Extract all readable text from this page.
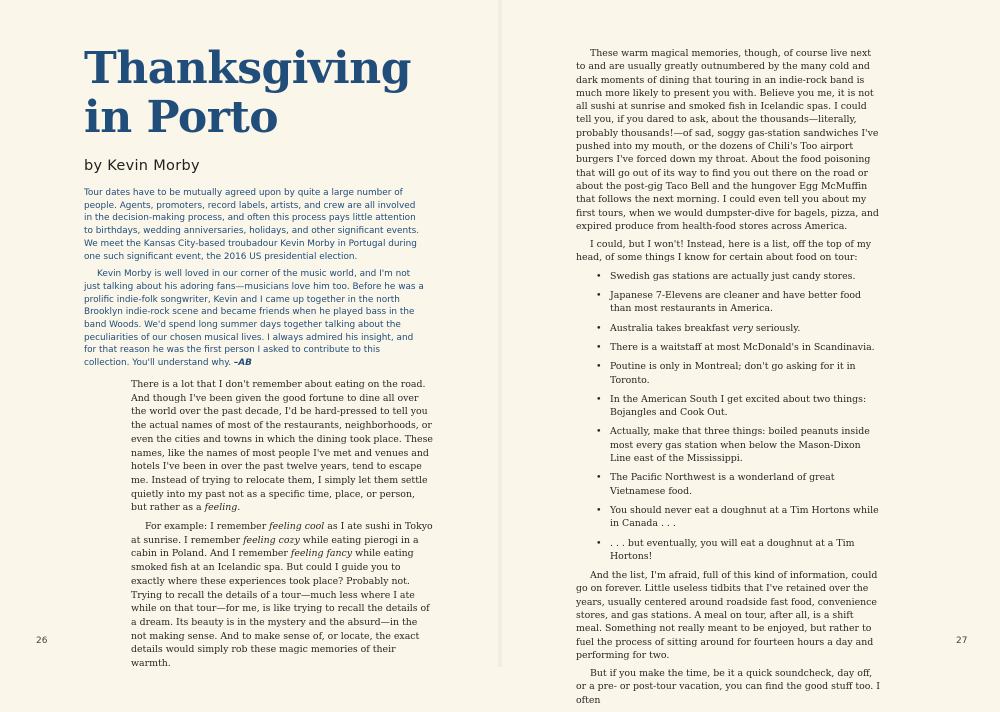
Thanksgiving
in Porto
by Kevin Morby

Tour dates have to be mutually agreed upon by quite a large number of people. Agents, promoters, record labels, artists, and crew are all involved in the decision-making process, and often this process pays little attention to birthdays, wedding anniversaries, holidays, and other significant events. We meet the Kansas City-based troubadour Kevin Morby in Portugal during one such significant event, the 2016 US presidential election.

Kevin Morby is well loved in our corner of the music world, and I'm not just talking about his adoring fans—musicians love him too. Before he was a prolific indie-folk songwriter, Kevin and I came up together in the north Brooklyn indie-rock scene and became friends when he played bass in the band Woods. We'd spend long summer days together talking about the peculiarities of our chosen musical lives. I always admired his insight, and for that reason he was the first person I asked to contribute to this collection. You'll understand why. –AB

There is a lot that I don't remember about eating on the road. And though I've been given the good fortune to dine all over the world over the past decade, I'd be hard-pressed to tell you the actual names of most of the restaurants, neighborhoods, or even the cities and towns in which the dining took place. These names, like the names of most people I've met and venues and hotels I've been in over the past twelve years, tend to escape me. Instead of trying to relocate them, I simply let them settle quietly into my past not as a specific time, place, or person, but rather as a feeling.

For example: I remember feeling cool as I ate sushi in Tokyo at sunrise. I remember feeling cozy while eating pierogi in a cabin in Poland. And I remember feeling fancy while eating smoked fish at an Icelandic spa. But could I guide you to exactly where these experiences took place? Probably not. Trying to recall the details of a tour—much less where I ate while on that tour—for me, is like trying to recall the details of a dream. Its beauty is in the mystery and the absurd—in the not making sense. And to make sense of, or locate, the exact details would simply rob these magic memories of their warmth.

26

These warm magical memories, though, of course live next to and are usually greatly outnumbered by the many cold and dark moments of dining that touring in an indie-rock band is much more likely to present you with. Believe you me, it is not all sushi at sunrise and smoked fish in Icelandic spas. I could tell you, if you dared to ask, about the thousands—literally, probably thousands!—of sad, soggy gas-station sandwiches I've pushed into my mouth, or the dozens of Chili's Too airport burgers I've forced down my throat. About the food poisoning that will go out of its way to find you out there on the road or about the post-gig Taco Bell and the hungover Egg McMuffin that follows the next morning. I could even tell you about my first tours, when we would dumpster-dive for bagels, pizza, and expired produce from health-food stores across America.

I could, but I won't! Instead, here is a list, off the top of my head, of some things I know for certain about food on tour:

• Swedish gas stations are actually just candy stores.
• Japanese 7-Elevens are cleaner and have better food than most restaurants in America.
• Australia takes breakfast very seriously.
• There is a waitstaff at most McDonald's in Scandinavia.
• Poutine is only in Montreal; don't go asking for it in Toronto.
• In the American South I get excited about two things: Bojangles and Cook Out.
• Actually, make that three things: boiled peanuts inside most every gas station when below the Mason-Dixon Line east of the Mississippi.
• The Pacific Northwest is a wonderland of great Vietnamese food.
• You should never eat a doughnut at a Tim Hortons while in Canada . . .
• . . . but eventually, you will eat a doughnut at a Tim Hortons!

And the list, I'm afraid, full of this kind of information, could go on forever. Little useless tidbits that I've retained over the years, usually centered around roadside fast food, convenience stores, and gas stations. A meal on tour, after all, is a shift meal. Something not really meant to be enjoyed, but rather to fuel the process of sitting around for fourteen hours a day and performing for two.

But if you make the time, be it a quick soundcheck, day off, or a pre- or post-tour vacation, you can find the good stuff too. I often

27
